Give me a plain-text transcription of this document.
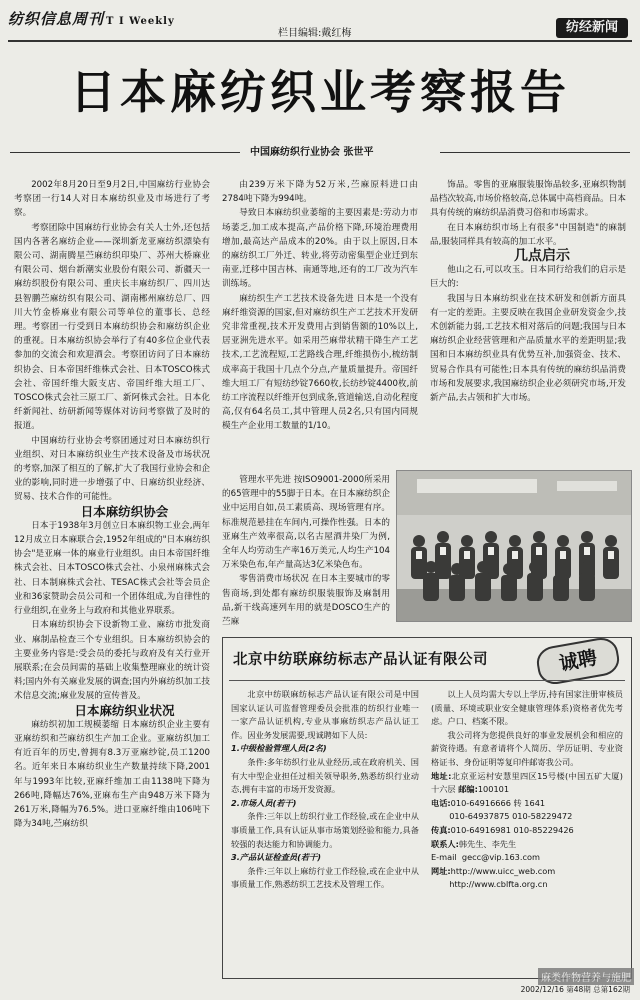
纺织信息周刊 T I Weekly
栏目编辑:戴红梅	纺经新闻
日本麻纺织业考察报告
中国麻纺织行业协会 张世平

2002年8月20日至9月2日,中国麻纺行业协会考察团一行14人对日本麻纺织业及市场进行了考察。

考察团除中国麻纺行业协会有关人士外,还包括国内各著名麻纺企业——深圳新龙亚麻纺织漂染有限公司、湖南腾星苎麻纺织印染厂、苏州大桥麻业有限公司、烟台新潮实业股份有限公司、新疆天一麻纺织股份有限公司、重庆长丰麻纺织厂、四川达县智鹏苎麻纺织有限公司、湖南郴州麻纺总厂、四川大竹金桥麻业有限公司等单位的董事长、总经理。考察团一行受到日本麻纺织协会和麻纺织企业的重视。日本麻纺织协会举行了有40多位企业代表参加的交流会和欢迎酒会。考察团访问了日本麻纺织协会、日本帝国纤维株式会社、日本TOSCO株式会社、帝国纤维大阪支店、帝国纤维大垣工厂、TOSCO株式会社三原工厂、新阿株式会社。日本化纤新闻社、纺研新闻等媒体对访问考察做了及时的报道。

中国麻纺行业协会考察团通过对日本麻纺织行业组织、对日本麻纺织业生产技术设备及市场状况的考察,加深了相互的了解,扩大了我国行业协会和企业的影响,同时进一步增强了中、日麻纺织业经济、贸易、技术合作的可能性。

日本麻纺织协会

日本于1938年3月创立日本麻织物工业会,两年12月成立日本麻联合会,1952年组成的"日本麻纺织协会"是亚麻一体的麻业行业组织。由日本帝国纤维株式会社、日本TOSCO株式会社、小泉州麻株式会社、日本制麻株式会社、TESAC株式会社等会员企业和36家赞助会员公司和一个团体组成,为自律性的行业组织,在业务上与政府和其他业界联系。

日本麻纺织协会下设新物工业、麻纺市批发商业、麻制品检查三个专业组织。日本麻纺织协会的主要业务内容是:受会员的委托与政府及有关行业开展联系;在会员间需的基础上收集整理麻业的统计资料;国内外有关麻业发展的调查;国内外麻纺织加工技术信息交流;麻业发展的宣传普及。

日本麻纺织业状况

麻纺织初加工规模萎缩 日本麻纺织企业主要有亚麻纺织和苎麻纺织生产加工企业。亚麻纺织加工有近百年的历史,曾拥有8.3万亚麻纱锭,员工1200名。近年来日本麻纺织业生产数量持续下降,2001年与1993年比较,亚麻纤维加工由1138吨下降为266吨,降幅达76%,亚麻布生产由948万米下降为261万米,降幅为76.5%。进口亚麻纤维由106吨下降为34吨,苎麻纺织

由239万米下降为52万米,苎麻原料进口由2784吨下降为994吨。

导致日本麻纺织业萎缩的主要因素是:劳动力市场萎乏,加工成本提高,产品价格下降,环境治理费用增加,最高达产品成本的20%。由于以上原因,日本的麻纺织工厂外迁、转业,将劳动密集型企业迁到东南亚,迁移中国吉林、南通等地,还有的工厂改为汽车训练场。

麻纺织生产工艺技术设备先进 日本是一个没有麻纤维资源的国家,但对麻纺织生产工艺技术开发研究非常重视,技术开发费用占到销售额的10%以上,居亚洲先进水平。如采用苎麻带状精干降生产工艺技术,工艺流程短,工艺路线合理,纤维损伤小,梳纺制成率高于我国十几点个分点,产量质量提升。帝国纤维大垣工厂有短纺纱锭7660枚,长纺纱锭4400枚,前纺工序流程以纤维开包到成条,管道输送,自动化程度高,仅有64名员工,其中管理人员2名,只有国内同规模生产企业用工数量的1/10。

管理水平先进 按ISO9001-2000所采用的65管理中的55脚于日本。在日本麻纺织企业中运用自如,员工素质高、现场管理有序。标准规范悬挂在车间内,可操作性强。日本的亚麻生产效率很高,以名古屋酒井染厂为例,全年人均劳动生产率16万美元,人均生产104万米染色布,年产量高达3亿米染色布。

零售消费市场状况 在日本主要城市的零售商场,到处都有麻纺织服装服饰及麻制用品,新干线高速列车用的就是DOSCO生产的苎麻

饰品。零售的亚麻服装服饰品较多,亚麻织物制品档次较高,市场价格较高,总体属中高档商品。日本具有传统的麻纺织品消费习俗和市场需求。

在日本麻纺织市场上有很多"中国制造"的麻制品,服装同样具有较高的加工水平。

几点启示

他山之石,可以攻玉。日本同行给我们的启示是巨大的:

我国与日本麻纺织业在技术研发和创新方面具有一定的差距。主要反映在我国企业研发资金少,技术创新能力弱,工艺技术相对落后的问题;我国与日本麻纺织企业经营管理和产品质量水平的差距明显;我国和日本麻纺织业具有优势互补,加强资金、技术、贸易合作具有可能性;日本具有传统的麻纺织品消费市场和发展要求,我国麻纺织企业必须研究市场,开发新产品,去占领和扩大市场。

北京中纺联麻纺标志产品认证有限公司	诚聘

北京中纺联麻纺标志产品认证有限公司是中国国家认证认可监督管理委员会批准的纺织行业唯一一家产品认证机构,专业从事麻纺织志产品认证工作。因业务发展需要,现诚聘如下人员:

1.中级检验管理人员(2名)

条件:多年纺织行业从业经历,或在政府机关、国有大中型企业担任过相关领导职务,熟悉纺织行业动态,拥有丰富的市场开发资源。

2.市场人员(若干)

条件:三年以上纺织行业工作经验,或在企业中从事质量工作,具有认证从事市场策划经验和能力,具备较强的表达能力和协调能力。

3.产品认证检查员(若干)

条件:三年以上麻纺行业工作经验,或在企业中从事质量工作,熟悉纺织工艺技术及管理工作。

以上人员均需大专以上学历,持有国家注册审核员(质量、环境或职业安全健康管理体系)资格者优先考虑。户口、档案不限。

我公司将为您提供良好的事业发展机会和相应的薪资待遇。有意者请将个人简历、学历证明、专业资格证书、身份证明等复印件邮寄我公司。

地址:北京亚运村安慧里四区15号楼(中国五矿大厦)十六层 邮编:100101

电话:010-64916666 转 1641

010-64937875 010-58229472

传真:010-64916981 010-85229426

联系人:韩先生、李先生

E-mail gecc@vip.163.com

网址:http://www.uicc_web.com

http://www.cblfta.org.cn

麻类作物营养与施肥
2002/12/16 第48期 总第162期
